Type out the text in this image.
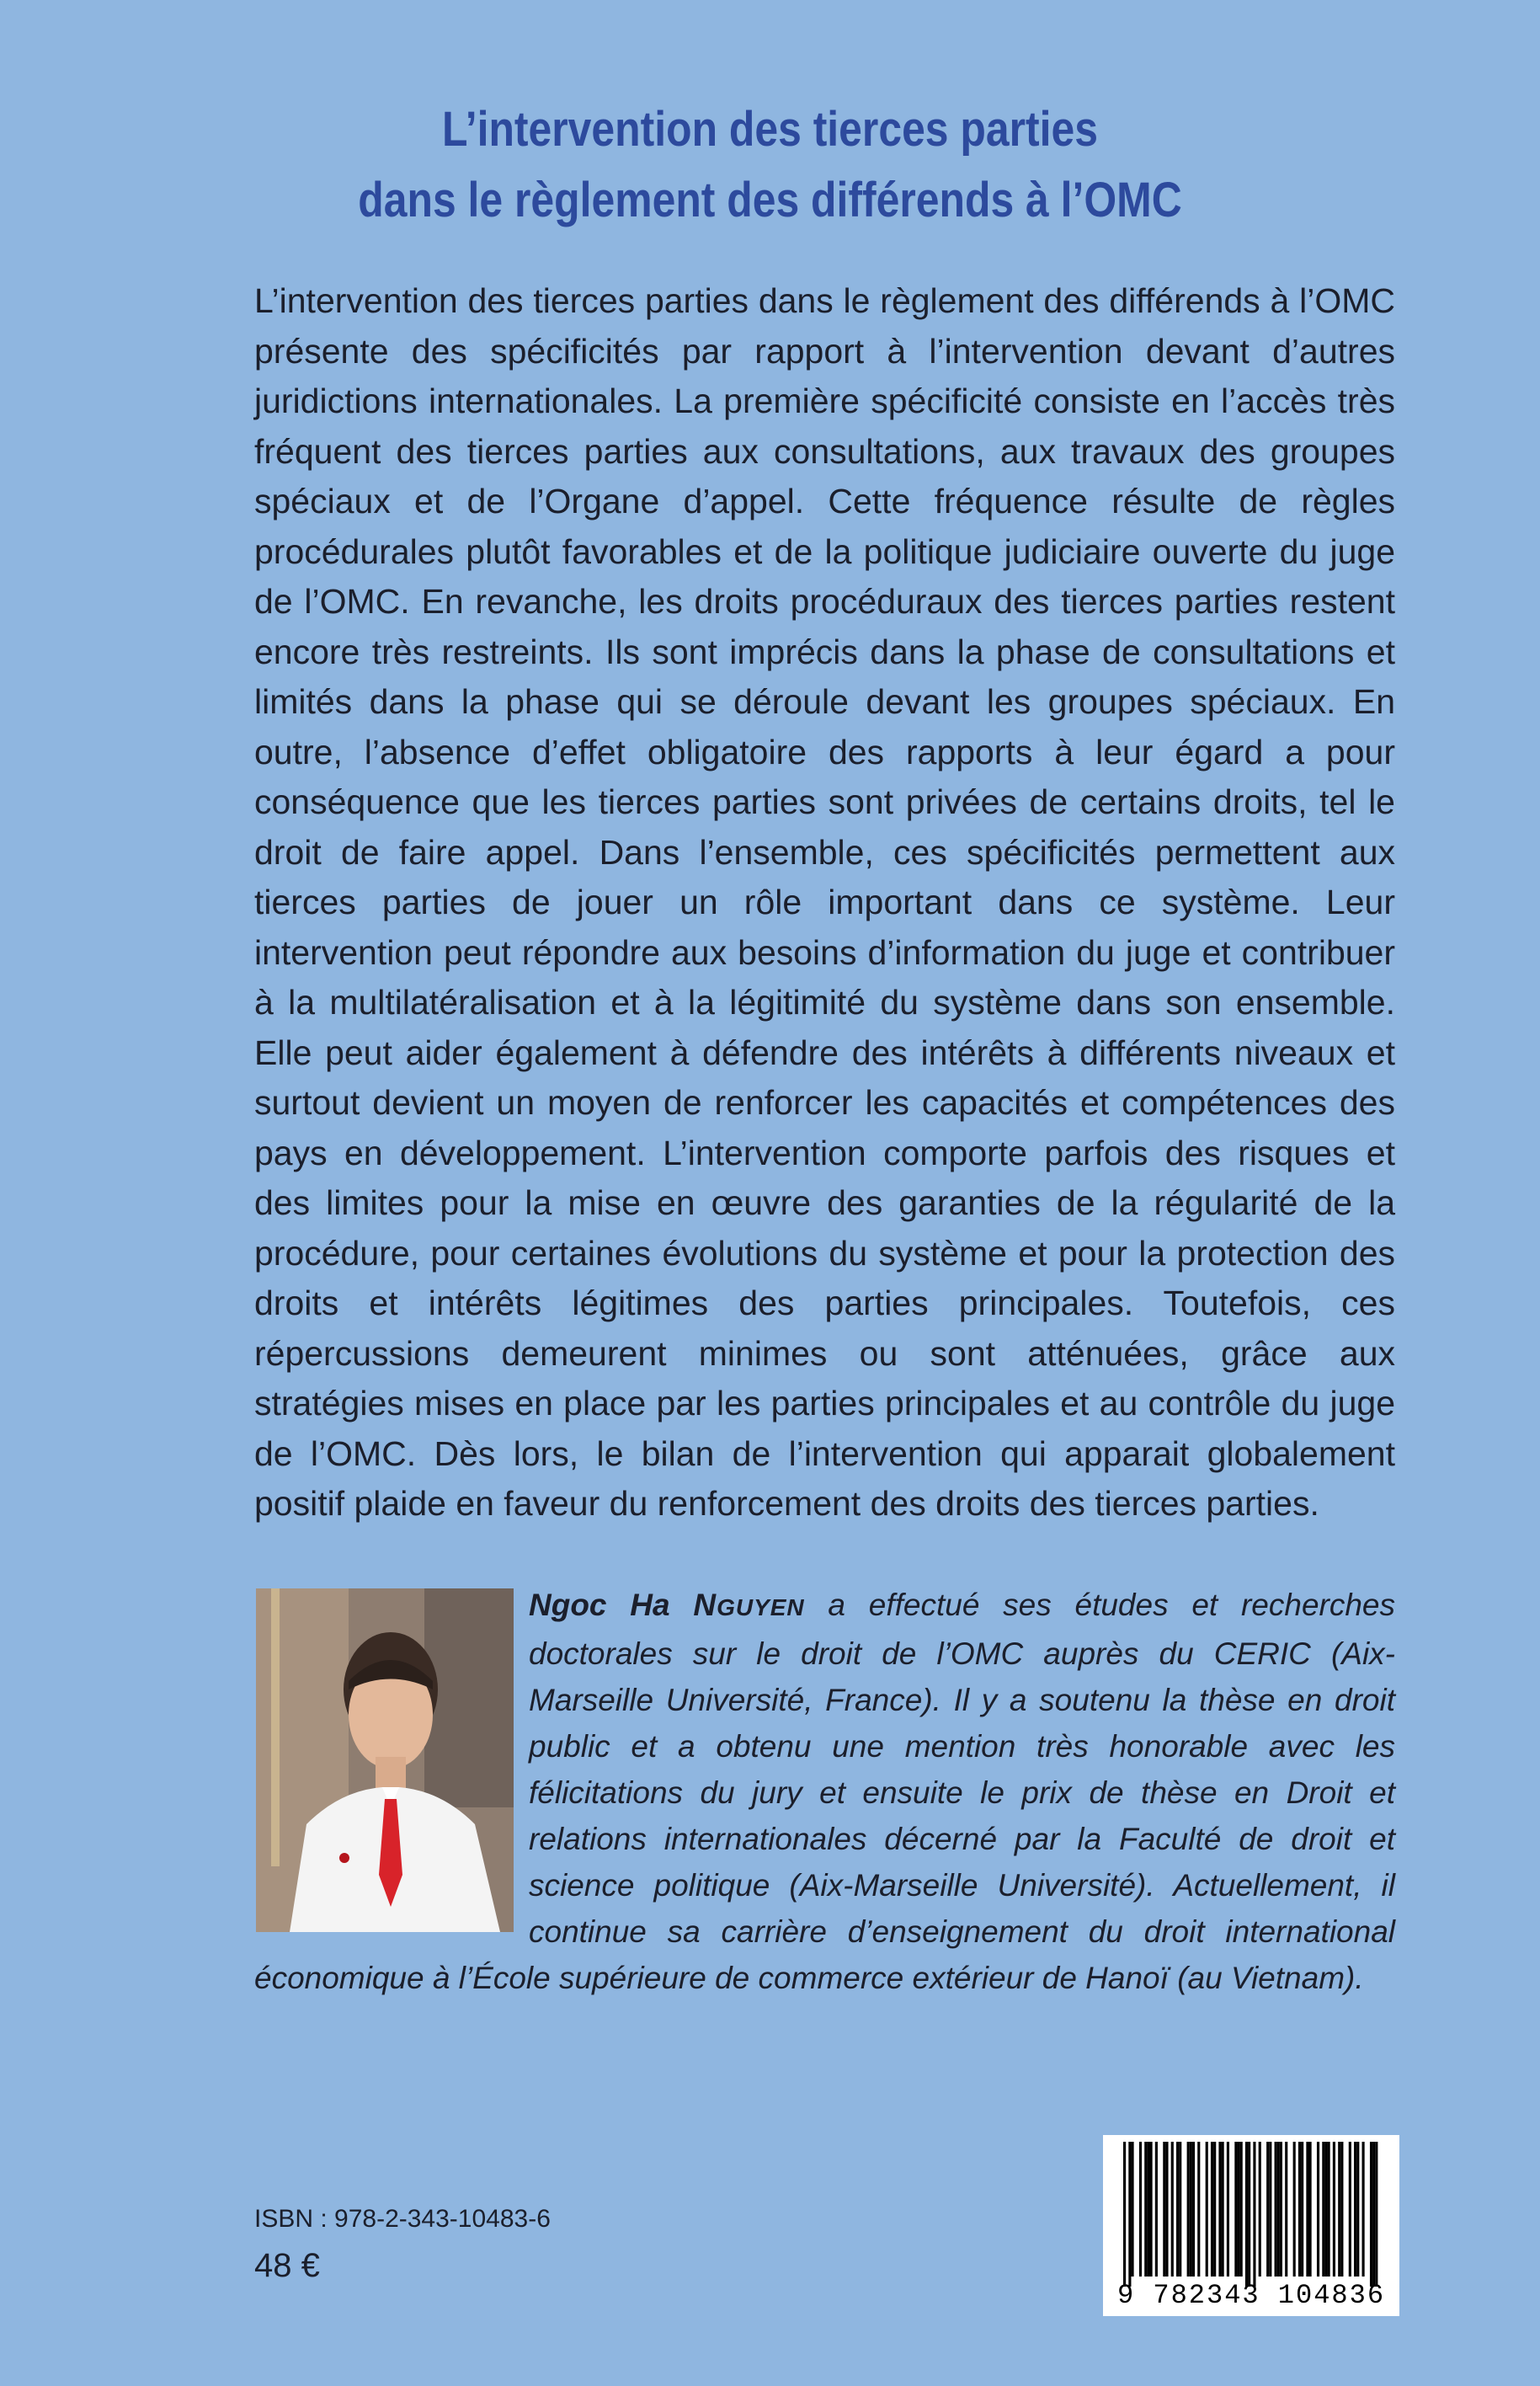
L’intervention des tierces parties
dans le règlement des différends à l’OMC

L’intervention des tierces parties dans le règlement des différends à l’OMC présente des spécificités par rapport à l’intervention devant d’autres juridictions internationales. La première spécificité consiste en l’accès très fréquent des tierces parties aux consultations, aux travaux des groupes spéciaux et de l’Organe d’appel. Cette fréquence résulte de règles procédurales plutôt favorables et de la politique judiciaire ouverte du juge de l’OMC. En revanche, les droits procéduraux des tierces parties restent encore très restreints. Ils sont imprécis dans la phase de consultations et limités dans la phase qui se déroule devant les groupes spéciaux. En outre, l’absence d’effet obligatoire des rapports à leur égard a pour conséquence que les tierces parties sont privées de certains droits, tel le droit de faire appel. Dans l’ensemble, ces spécificités permettent aux tierces parties de jouer un rôle important dans ce système. Leur intervention peut répondre aux besoins d’information du juge et contribuer à la multilatéralisation et à la légitimité du système dans son ensemble. Elle peut aider également à défendre des intérêts à différents niveaux et surtout devient un moyen de renforcer les capacités et compétences des pays en développement. L’intervention comporte parfois des risques et des limites pour la mise en œuvre des garanties de la régularité de la procédure, pour certaines évolutions du système et pour la protection des droits et intérêts légitimes des parties principales. Toutefois, ces répercussions demeurent minimes ou sont atténuées, grâce aux stratégies mises en place par les parties principales et au contrôle du juge de l’OMC. Dès lors, le bilan de l’intervention qui apparait globalement positif plaide en faveur du renforcement des droits des tierces parties.

Ngoc Ha NGUYEN a effectué ses études et recherches doctorales sur le droit de l’OMC auprès du CERIC (Aix-Marseille Université, France). Il y a soutenu la thèse en droit public et a obtenu une mention très honorable avec les félicitations du jury et ensuite le prix de thèse en Droit et relations internationales décerné par la Faculté de droit et science politique (Aix-Marseille Université). Actuellement, il continue sa carrière d’enseignement du droit international économique à l’École supérieure de commerce extérieur de Hanoï (au Vietnam).

ISBN : 978-2-343-10483-6
48 €
9 782343 104836
